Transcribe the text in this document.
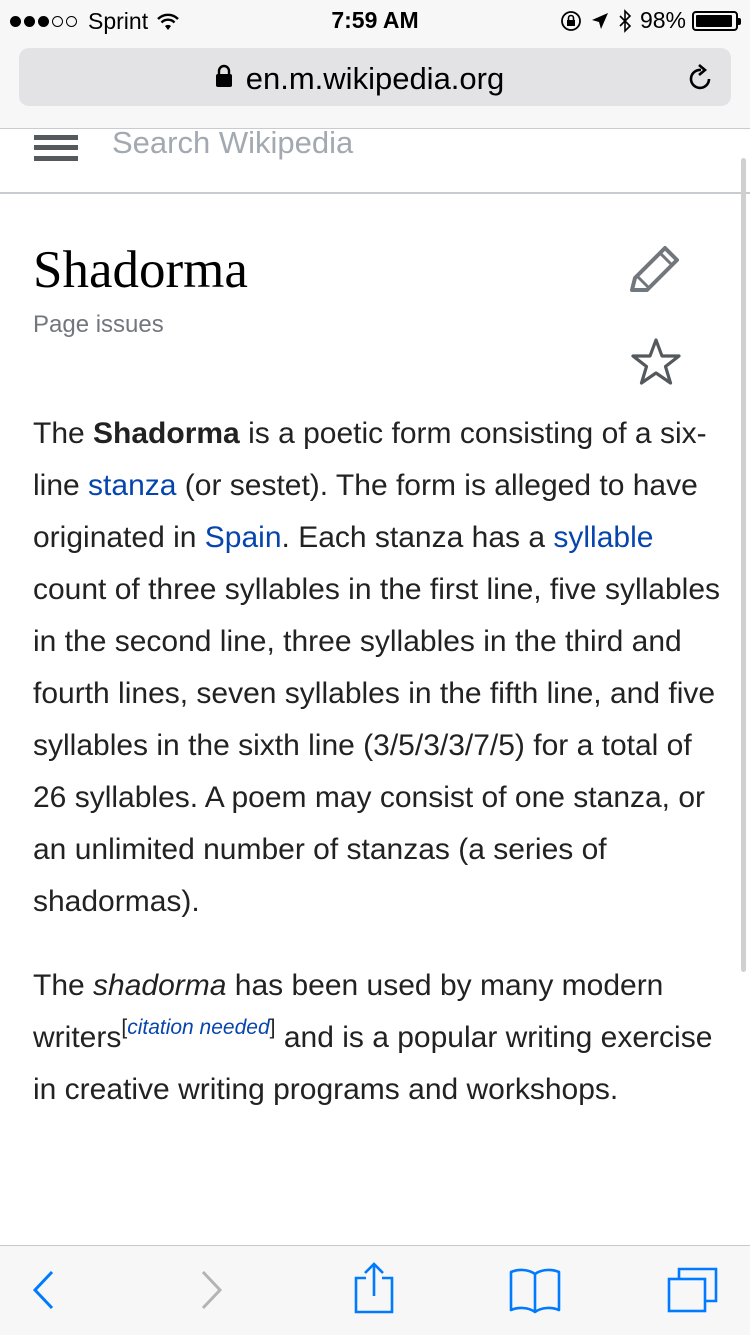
Sprint	7:59 AM	98%
en.m.wikipedia.org
Search Wikipedia
Shadorma
Page issues

The Shadorma is a poetic form consisting of a six-line stanza (or sestet). The form is alleged to have originated in Spain. Each stanza has a syllable count of three syllables in the first line, five syllables in the second line, three syllables in the third and fourth lines, seven syllables in the fifth line, and five syllables in the sixth line (3/5/3/3/7/5) for a total of 26 syllables. A poem may consist of one stanza, or an unlimited number of stanzas (a series of shadormas).

The shadorma has been used by many modern writers[citation needed] and is a popular writing exercise in creative writing programs and workshops.
